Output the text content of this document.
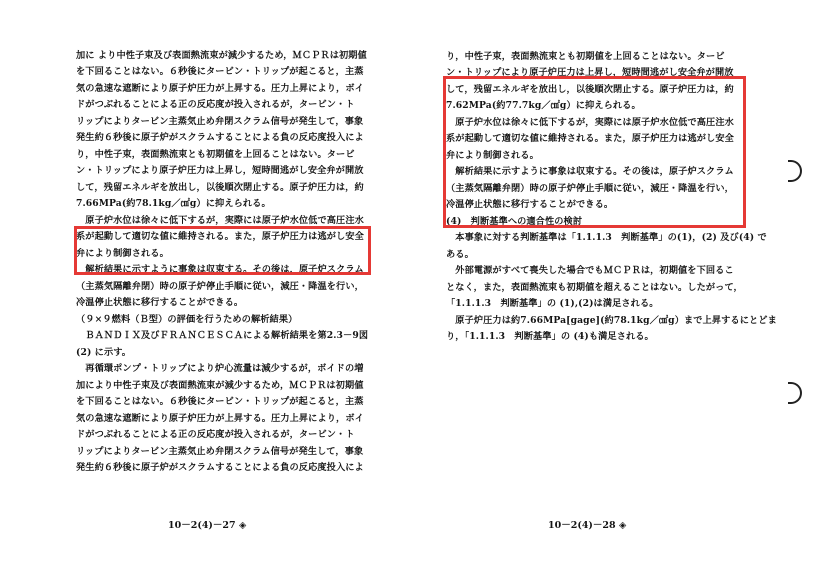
加に より中性子束及び表面熱流束が減少するため，ＭＣＰＲは初期値
を下回ることはない。６秒後にタービン・トリップが起こると，主蒸
気の急速な遮断により原子炉圧力が上昇する。圧力上昇により，ボイ
ドがつぶれることによる正の反応度が投入されるが，タービン・ト
リップによりタービン主蒸気止め弁閉スクラム信号が発生して，事象
発生約６秒後に原子炉がスクラムすることによる負の反応度投入によ
り，中性子束，表面熱流束とも初期値を上回ることはない。タービ
ン・トリップにより原子炉圧力は上昇し，短時間逃がし安全弁が開放
して，残留エネルギを放出し，以後順次閉止する。原子炉圧力は，約
7.66MPa(約78.1kg／㎠g）に抑えられる。
　原子炉水位は徐々に低下するが，実際には原子炉水位低で高圧注水
系が起動して適切な値に維持される。また，原子炉圧力は逃がし安全
弁により制御される。
　解析結果に示すように事象は収束する。その後は，原子炉スクラム
（主蒸気隔離弁閉）時の原子炉停止手順に従い，減圧・降温を行い，
冷温停止状態に移行することができる。
（９×９燃料（Ｂ型）の評価を行うための解析結果）
　ＢＡＮＤＩＸ及びＦＲＡＮＣＥＳＣＡによる解析結果を第2.3－9図
(2) に示す。
　再循環ポンプ・トリップにより炉心流量は減少するが，ボイドの増
加により中性子束及び表面熱流束が減少するため，ＭＣＰＲは初期値
を下回ることはない。６秒後にタービン・トリップが起こると，主蒸
気の急速な遮断により原子炉圧力が上昇する。圧力上昇により，ボイ
ドがつぶれることによる正の反応度が投入されるが，タービン・ト
リップによりタービン主蒸気止め弁閉スクラム信号が発生して，事象
発生約６秒後に原子炉がスクラムすることによる負の反応度投入によ
10－2(4)－27 ◈
り，中性子束，表面熱流束とも初期値を上回ることはない。タービ
ン・トリップにより原子炉圧力は上昇し，短時間逃がし安全弁が開放
して，残留エネルギを放出し，以後順次閉止する。原子炉圧力は，約
7.62MPa(約77.7kg／㎠g）に抑えられる。
　原子炉水位は徐々に低下するが，実際には原子炉水位低で高圧注水
系が起動して適切な値に維持される。また，原子炉圧力は逃がし安全
弁により制御される。
　解析結果に示すように事象は収束する。その後は，原子炉スクラム
（主蒸気隔離弁閉）時の原子炉停止手順に従い，減圧・降温を行い，
冷温停止状態に移行することができる。
(4)　判断基準への適合性の検討
　本事象に対する判断基準は「1.1.1.3　判断基準」の(1)，(2) 及び(4) で
ある。
　外部電源がすべて喪失した場合でもＭＣＰＲは，初期値を下回るこ
となく，また，表面熱流束も初期値を超えることはない。したがって，
「1.1.1.3　判断基準」の (1),(2)は満足される。
　原子炉圧力は約7.66MPa[gage](約78.1kg／㎠g）まで上昇するにとどま
り，「1.1.1.3　判断基準」の (4)も満足される。
10－2(4)－28 ◈
